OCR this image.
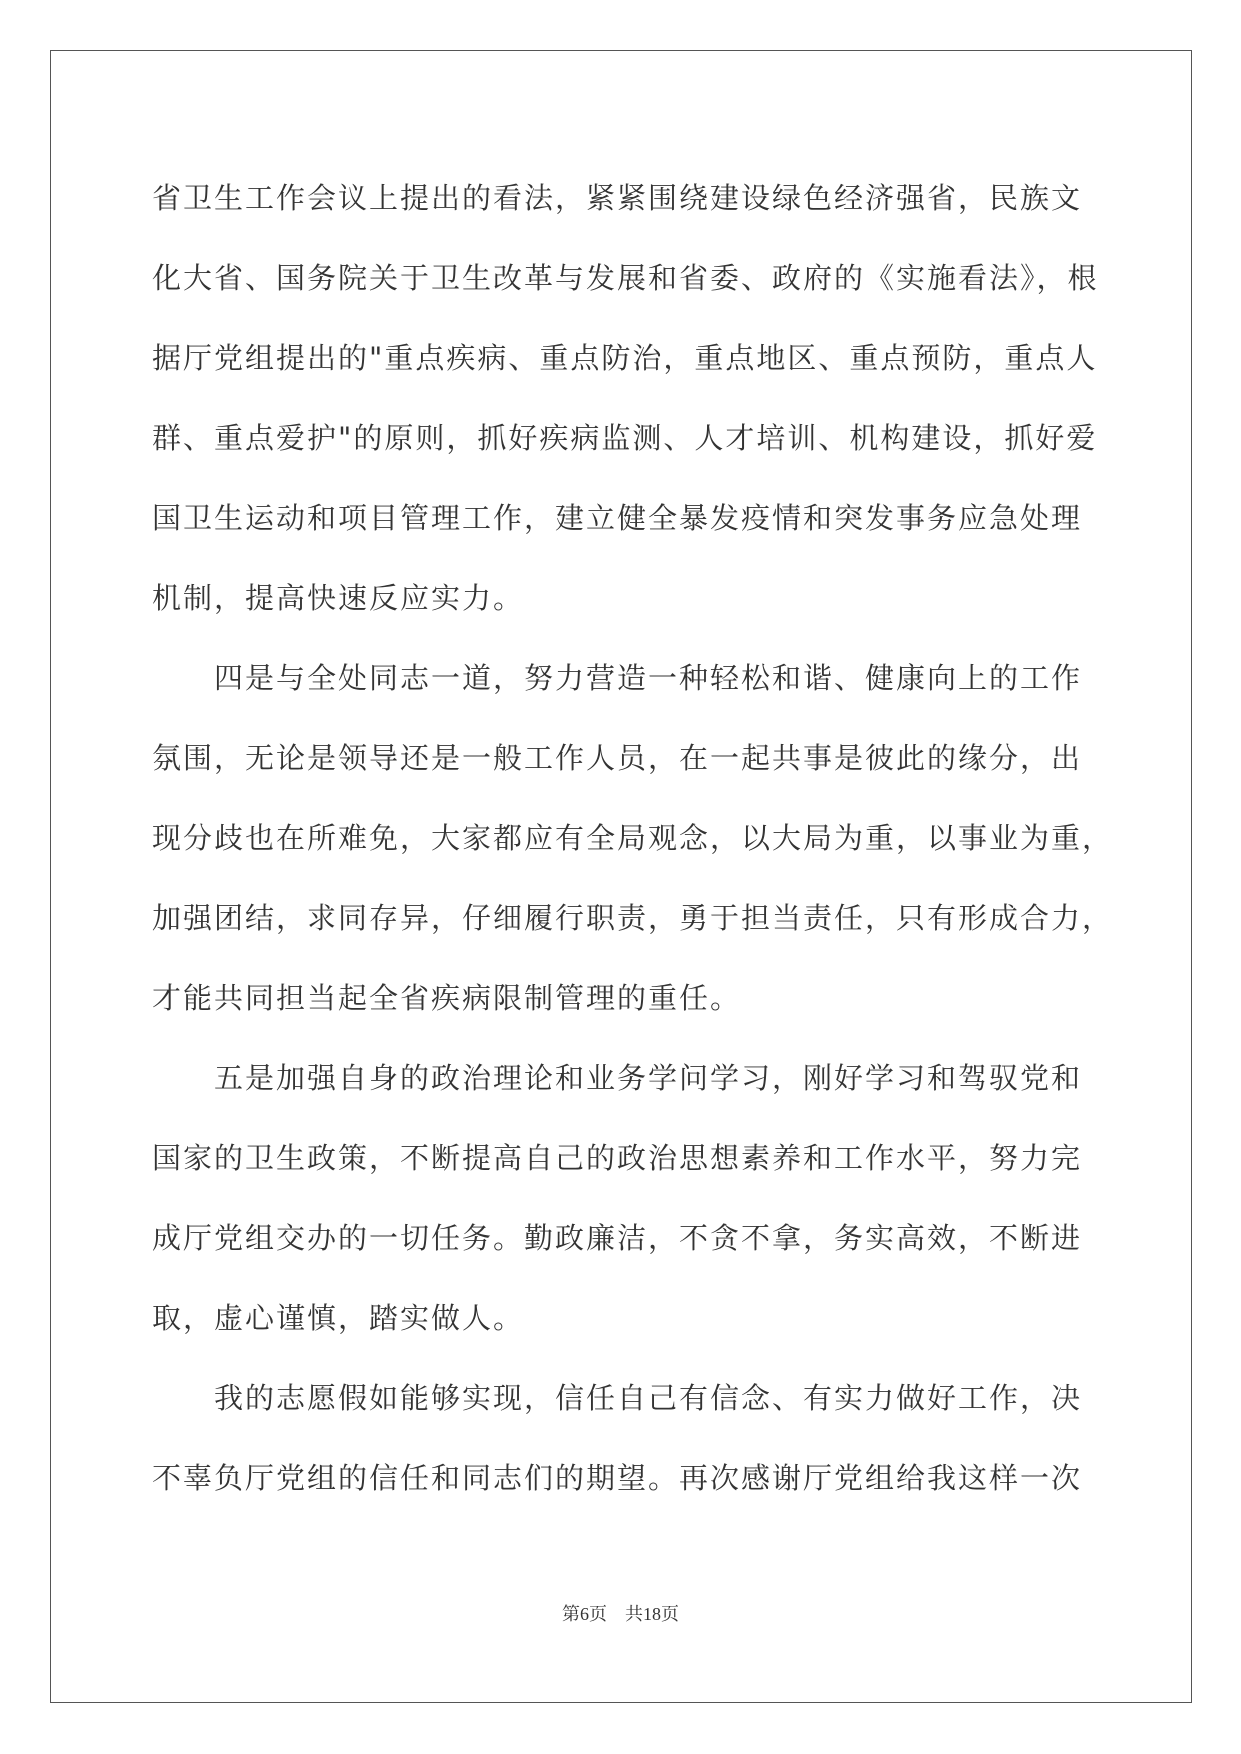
省卫生工作会议上提出的看法，紧紧围绕建设绿色经济强省，民族文
化大省、国务院关于卫生改革与发展和省委、政府的《实施看法》，根
据厅党组提出的"重点疾病、重点防治，重点地区、重点预防，重点人
群、重点爱护"的原则，抓好疾病监测、人才培训、机构建设，抓好爱
国卫生运动和项目管理工作，建立健全暴发疫情和突发事务应急处理
机制，提高快速反应实力。
四是与全处同志一道，努力营造一种轻松和谐、健康向上的工作
氛围，无论是领导还是一般工作人员，在一起共事是彼此的缘分，出
现分歧也在所难免，大家都应有全局观念，以大局为重，以事业为重，
加强团结，求同存异，仔细履行职责，勇于担当责任，只有形成合力，
才能共同担当起全省疾病限制管理的重任。
五是加强自身的政治理论和业务学问学习，刚好学习和驾驭党和
国家的卫生政策，不断提高自己的政治思想素养和工作水平，努力完
成厅党组交办的一切任务。勤政廉洁，不贪不拿，务实高效，不断进
取，虚心谨慎，踏实做人。
我的志愿假如能够实现，信任自己有信念、有实力做好工作，决
不辜负厅党组的信任和同志们的期望。再次感谢厅党组给我这样一次
第6页 共18页
